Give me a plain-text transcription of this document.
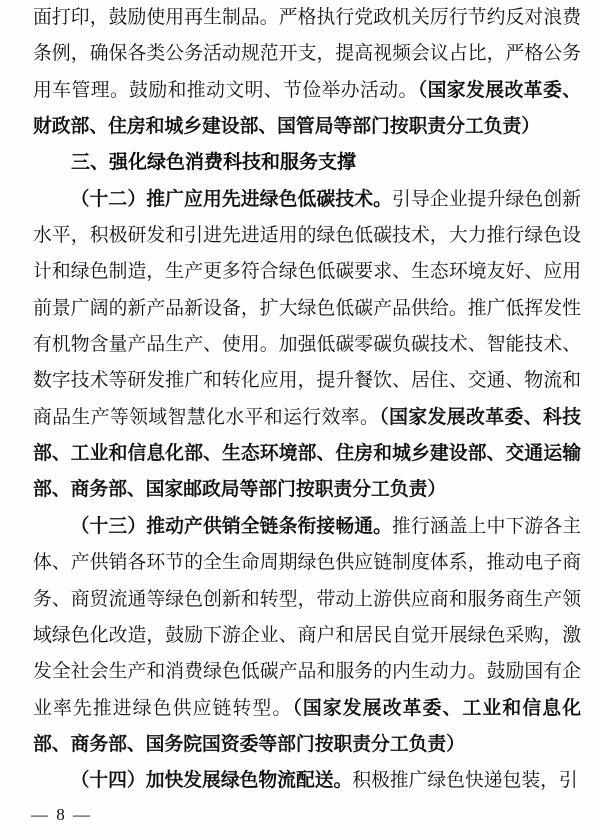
面打印，鼓励使用再生制品。严格执行党政机关厉行节约反对浪费条例，确保各类公务活动规范开支，提高视频会议占比，严格公务用车管理。鼓励和推动文明、节俭举办活动。（国家发展改革委、财政部、住房和城乡建设部、国管局等部门按职责分工负责）

三、强化绿色消费科技和服务支撑

（十二）推广应用先进绿色低碳技术。引导企业提升绿色创新水平，积极研发和引进先进适用的绿色低碳技术，大力推行绿色设计和绿色制造，生产更多符合绿色低碳要求、生态环境友好、应用前景广阔的新产品新设备，扩大绿色低碳产品供给。推广低挥发性有机物含量产品生产、使用。加强低碳零碳负碳技术、智能技术、数字技术等研发推广和转化应用，提升餐饮、居住、交通、物流和商品生产等领域智慧化水平和运行效率。（国家发展改革委、科技部、工业和信息化部、生态环境部、住房和城乡建设部、交通运输部、商务部、国家邮政局等部门按职责分工负责）

（十三）推动产供销全链条衔接畅通。推行涵盖上中下游各主体、产供销各环节的全生命周期绿色供应链制度体系，推动电子商务、商贸流通等绿色创新和转型，带动上游供应商和服务商生产领域绿色化改造，鼓励下游企业、商户和居民自觉开展绿色采购，激发全社会生产和消费绿色低碳产品和服务的内生动力。鼓励国有企业率先推进绿色供应链转型。（国家发展改革委、工业和信息化部、商务部、国务院国资委等部门按职责分工负责）

（十四）加快发展绿色物流配送。积极推广绿色快递包装，引

— 8 —
